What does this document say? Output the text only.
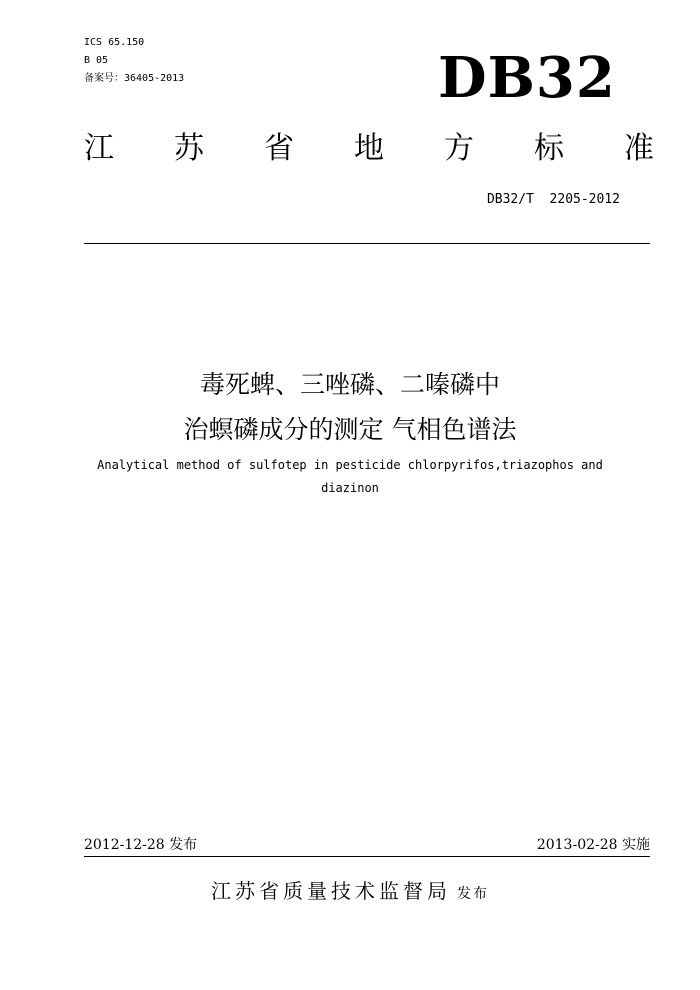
ICS 65.150
B 05
备案号：36405-2013	DB32
江 苏 省 地 方 标 准
DB32/T  2205-2012
毒死蜱、三唑磷、二嗪磷中
治螟磷成分的测定 气相色谱法
Analytical method of sulfotep in pesticide chlorpyrifos,triazophos and diazinon
2012-12-28 发布	2013-02-28 实施
江苏省质量技术监督局 发布
